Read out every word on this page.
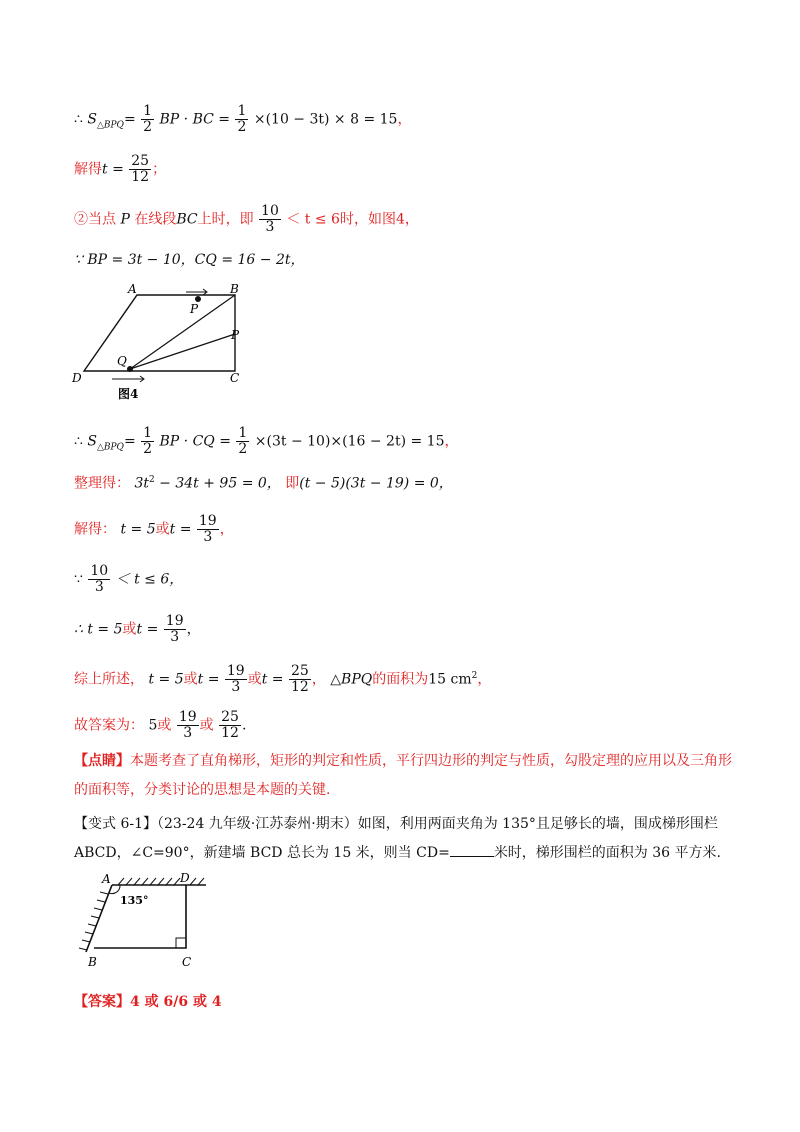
∴ $S_{\triangle BPQ}= \frac{1}{2}$ BP · BC = $\frac{1}{2} \times(10 - 3t) \times 8 = 15$，
解得$t = \frac{25}{12}$ ；
②当点 P 在线段BC上时，即 $\frac{10}{3} < t \le 6$时，如图4，
∵ BP = 3t − 10，CQ = 16 − 2t，
A	B
C
D
P
P
Q
图4
∴ $S_{\triangle BPQ}= \frac{1}{2}$ BP · CQ = $\frac{1}{2} \times(3t - 10)\times(16 - 2t) = 15$，
整理得： $3t^2 - 34t + 95 = 0$， 即(t − 5)(3t − 19) = 0，
解得： t = 5或$t = \frac{19}{3}$ ，
∵ $\frac{10}{3} < t \le 6$，
∴ t = 5或$t = \frac{19}{3}$ ，
综上所述， t = 5或$t = \frac{19}{3}$ 或$t = \frac{25}{12}$ ， △BPQ的面积为15 $cm^2$，
故答案为： 5或 $\frac{19}{3}$ 或 $\frac{25}{12}$ .
【点睛】本题考查了直角梯形，矩形的判定和性质，平行四边形的判定与性质，勾股定理的应用以及三角形的面积等，分类讨论的思想是本题的关键.
【变式 6-1】（23-24 九年级·江苏泰州·期末）如图，利用两面夹角为 135°且足够长的墙，围成梯形围栏
ABCD，∠C=90°，新建墙 BCD 总长为 15 米，则当 CD=	米时，梯形围栏的面积为 36 平方米.
A	D
B	C
135°
【答案】4 或 6/6 或 4
